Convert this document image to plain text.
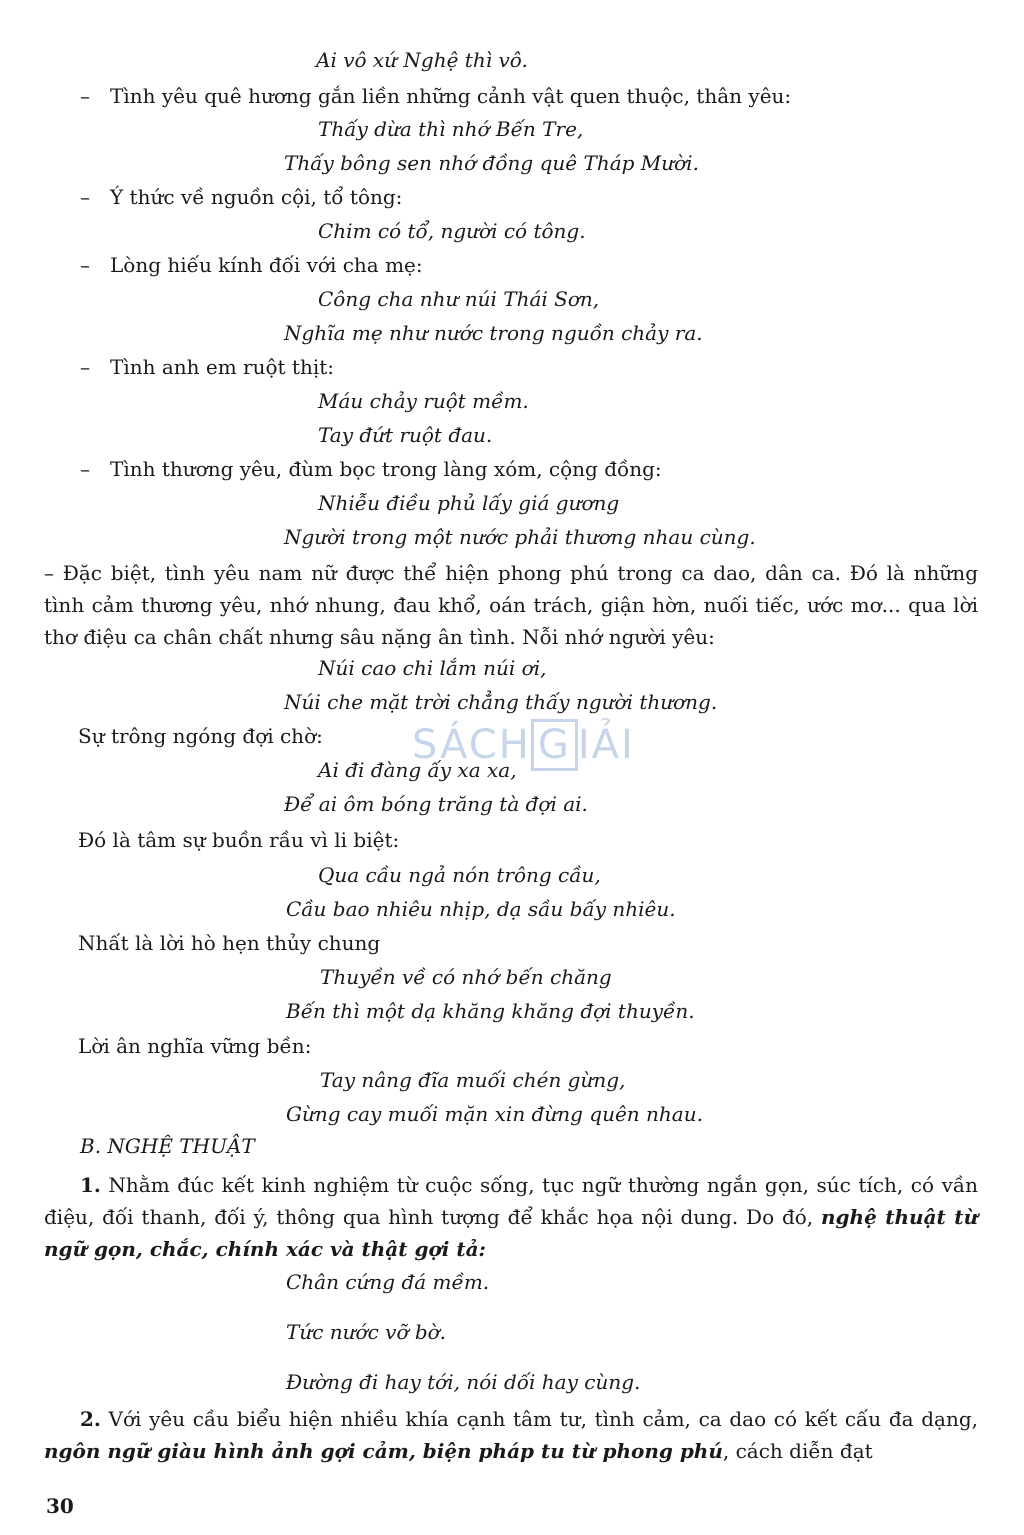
Ai vô xứ Nghệ thì vô.
– Tình yêu quê hương gắn liền những cảnh vật quen thuộc, thân yêu:
Thấy dừa thì nhớ Bến Tre,
Thấy bông sen nhớ đồng quê Tháp Mười.
– Ý thức về nguồn cội, tổ tông:
Chim có tổ, người có tông.
– Lòng hiếu kính đối với cha mẹ:
Công cha như núi Thái Sơn,
Nghĩa mẹ như nước trong nguồn chảy ra.
– Tình anh em ruột thịt:
Máu chảy ruột mềm.
Tay đứt ruột đau.
– Tình thương yêu, đùm bọc trong làng xóm, cộng đồng:
Nhiễu điều phủ lấy giá gương
Người trong một nước phải thương nhau cùng.
– Đặc biệt, tình yêu nam nữ được thể hiện phong phú trong ca dao, dân ca. Đó là những tình cảm thương yêu, nhớ nhung, đau khổ, oán trách, giận hờn, nuối tiếc, ước mơ... qua lời thơ điệu ca chân chất nhưng sâu nặng ân tình. Nỗi nhớ người yêu:
Núi cao chi lắm núi ơi,
Núi che mặt trời chẳng thấy người thương.
Sự trông ngóng đợi chờ:
Ai đi đàng ấy xa xa,
Để ai ôm bóng trăng tà đợi ai.
Đó là tâm sự buồn rầu vì li biệt:
Qua cầu ngả nón trông cầu,
Cầu bao nhiêu nhịp, dạ sầu bấy nhiêu.
Nhất là lời hò hẹn thủy chung
Thuyền về có nhớ bến chăng
Bến thì một dạ khăng khăng đợi thuyền.
Lời ân nghĩa vững bền:
Tay nâng đĩa muối chén gừng,
Gừng cay muối mặn xin đừng quên nhau.
B. NGHỆ THUẬT
1. Nhằm đúc kết kinh nghiệm từ cuộc sống, tục ngữ thường ngắn gọn, súc tích, có vần điệu, đối thanh, đối ý, thông qua hình tượng để khắc họa nội dung. Do đó, nghệ thuật từ ngữ gọn, chắc, chính xác và thật gợi tả:
Chân cứng đá mềm.
Tức nước vỡ bờ.
Đường đi hay tới, nói dối hay cùng.
2. Với yêu cầu biểu hiện nhiều khía cạnh tâm tư, tình cảm, ca dao có kết cấu đa dạng, ngôn ngữ giàu hình ảnh gợi cảm, biện pháp tu từ phong phú, cách diễn đạt
SÁCH G IẢI
30
